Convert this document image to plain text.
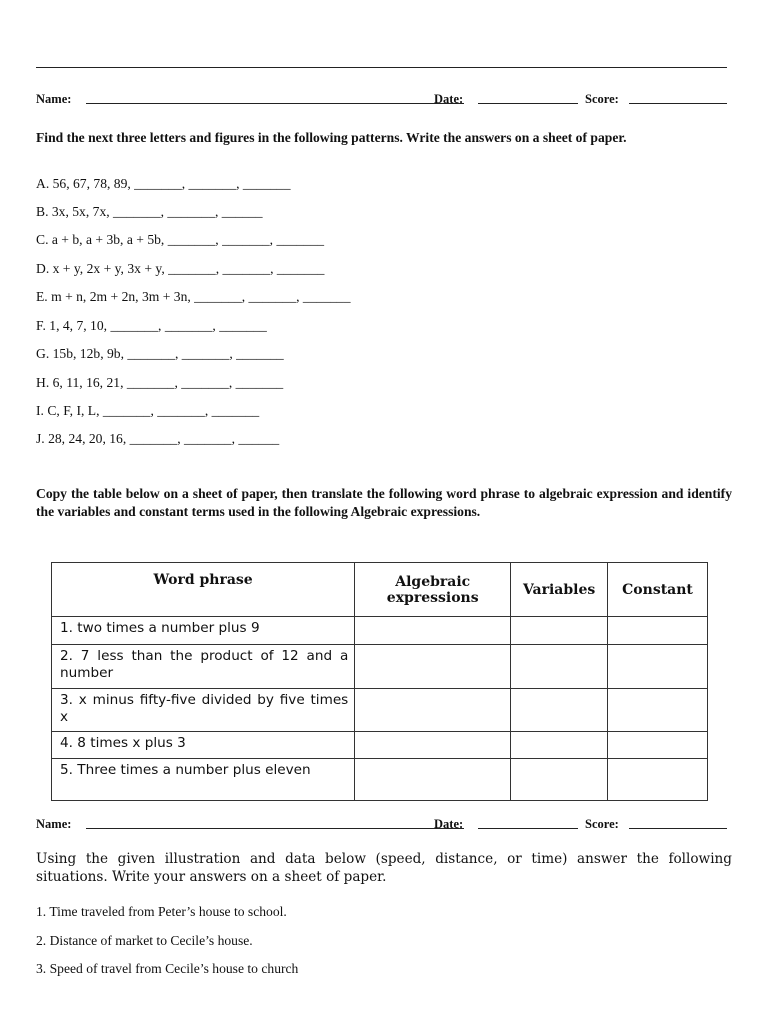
Name:	Date:	Score:
Find the next three letters and figures in the following patterns. Write the answers on a sheet of paper.
A. 56, 67, 78, 89, _______, _______, _______
B. 3x, 5x, 7x, _______, _______, ______
C. a + b, a + 3b, a + 5b, _______, _______, _______
D. x + y, 2x + y, 3x + y, _______, _______, _______
E. m + n, 2m + 2n, 3m + 3n, _______, _______, _______
F. 1, 4, 7, 10, _______, _______, _______
G. 15b, 12b, 9b, _______, _______, _______
H. 6, 11, 16, 21, _______, _______, _______
I. C, F, I, L, _______, _______, _______
J. 28, 24, 20, 16, _______, _______, ______
Copy the table below on a sheet of paper, then translate the following word phrase to algebraic expression and identify the variables and constant terms used in the following Algebraic expressions.
Word phrase	Algebraic expressions	Variables	Constant
1. two times a number plus 9			
2. 7 less than the product of 12 and a number			
3. x minus fifty-five divided by five times x			
4. 8 times x plus 3			
5. Three times a number plus eleven			
Name:	Date:	Score:
Using the given illustration and data below (speed, distance, or time) answer the following situations. Write your answers on a sheet of paper.
1. Time traveled from Peter’s house to school.
2. Distance of market to Cecile’s house.
3. Speed of travel from Cecile’s house to church
